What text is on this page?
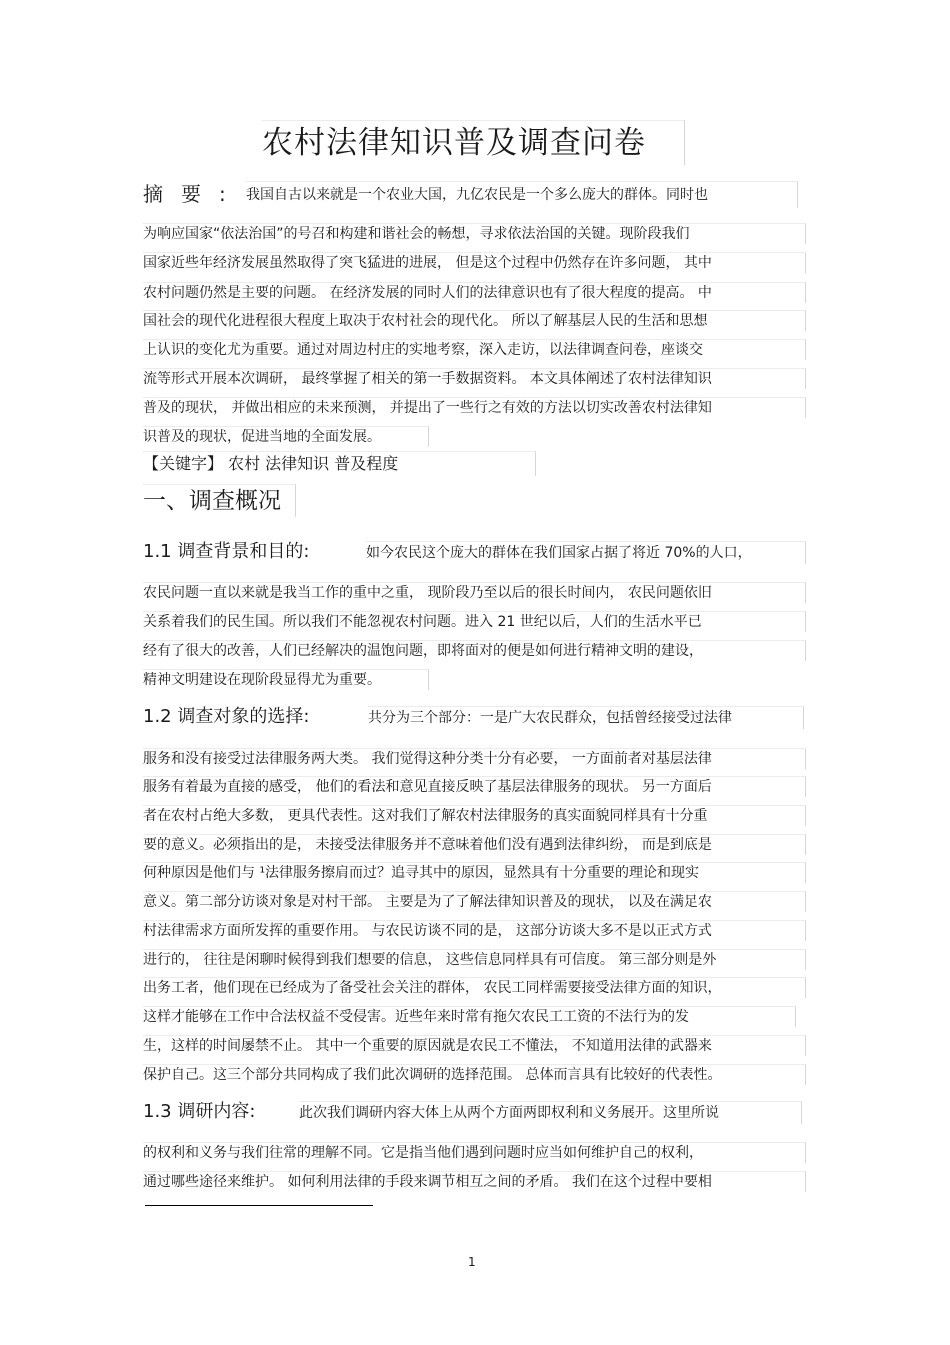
农村法律知识普及调查问卷
摘要: 我国自古以来就是一个农业大国，九亿农民是一个多么庞大的群体。同时也
为响应国家“依法治国”的号召和构建和谐社会的畅想，寻求依法治国的关键。现阶段我们
国家近些年经济发展虽然取得了突飞猛进的进展， 但是这个过程中仍然存在许多问题， 其中
农村问题仍然是主要的问题。 在经济发展的同时人们的法律意识也有了很大程度的提高。 中
国社会的现代化进程很大程度上取决于农村社会的现代化。 所以了解基层人民的生活和思想
上认识的变化尤为重要。通过对周边村庄的实地考察，深入走访，以法律调查问卷，座谈交
流等形式开展本次调研， 最终掌握了相关的第一手数据资料。 本文具体阐述了农村法律知识
普及的现状， 并做出相应的未来预测， 并提出了一些行之有效的方法以切实改善农村法律知
识普及的现状，促进当地的全面发展。
【关键字】 农村 法律知识 普及程度
一、调查概况
1.1 调查背景和目的:	如今农民这个庞大的群体在我们国家占据了将近 70%的人口，
农民问题一直以来就是我当工作的重中之重， 现阶段乃至以后的很长时间内， 农民问题依旧
关系着我们的民生国。所以我们不能忽视农村问题。进入 21 世纪以后，人们的生活水平已
经有了很大的改善，人们已经解决的温饱问题，即将面对的便是如何进行精神文明的建设，
精神文明建设在现阶段显得尤为重要。
1.2 调查对象的选择:	共分为三个部分：一是广大农民群众，包括曾经接受过法律
服务和没有接受过法律服务两大类。 我们觉得这种分类十分有必要， 一方面前者对基层法律
服务有着最为直接的感受， 他们的看法和意见直接反映了基层法律服务的现状。 另一方面后
者在农村占绝大多数， 更具代表性。这对我们了解农村法律服务的真实面貌同样具有十分重
要的意义。必须指出的是， 未接受法律服务并不意味着他们没有遇到法律纠纷， 而是到底是
何种原因是他们与 ¹法律服务擦肩而过？追寻其中的原因，显然具有十分重要的理论和现实
意义。第二部分访谈对象是对村干部。 主要是为了了解法律知识普及的现状， 以及在满足农
村法律需求方面所发挥的重要作用。 与农民访谈不同的是， 这部分访谈大多不是以正式方式
进行的， 往往是闲聊时候得到我们想要的信息， 这些信息同样具有可信度。 第三部分则是外
出务工者，他们现在已经成为了备受社会关注的群体， 农民工同样需要接受法律方面的知识，
这样才能够在工作中合法权益不受侵害。近些年来时常有拖欠农民工工资的不法行为的发
生，这样的时间屡禁不止。 其中一个重要的原因就是农民工不懂法， 不知道用法律的武器来
保护自己。这三个部分共同构成了我们此次调研的选择范围。 总体而言具有比较好的代表性。
1.3 调研内容:	此次我们调研内容大体上从两个方面两即权利和义务展开。这里所说
的权利和义务与我们往常的理解不同。它是指当他们遇到问题时应当如何维护自己的权利，
通过哪些途径来维护。 如何利用法律的手段来调节相互之间的矛盾。 我们在这个过程中要相
1
